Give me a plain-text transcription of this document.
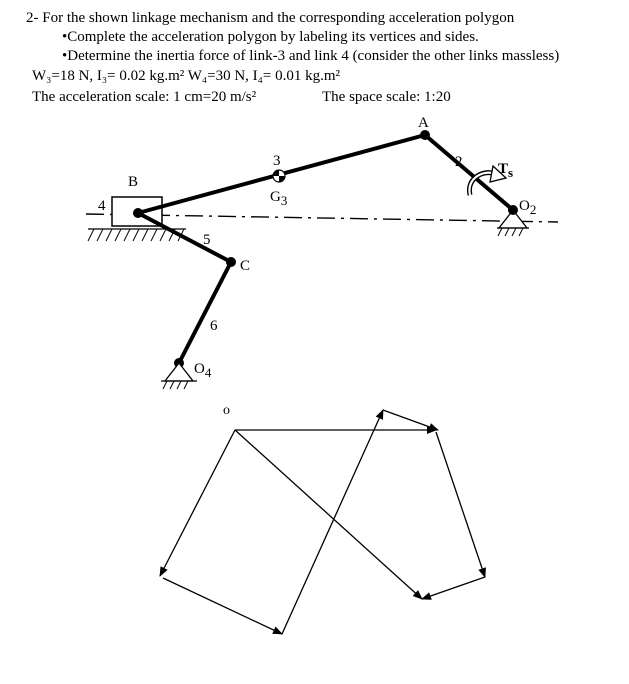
2- For the shown linkage mechanism and the corresponding acceleration polygon
•Complete the acceleration polygon by labeling its vertices and sides.
•Determine the inertia force of link-3 and link 4 (consider the other links massless)
W₃=18 N, I₃= 0.02 kg.m² W₄=30 N, I₄= 0.01 kg.m²
The acceleration scale: 1 cm=20 m/s²	The space scale: 1:20
A
B
C
2
3
4
5
6
G3	O2
O4
Ts
o
